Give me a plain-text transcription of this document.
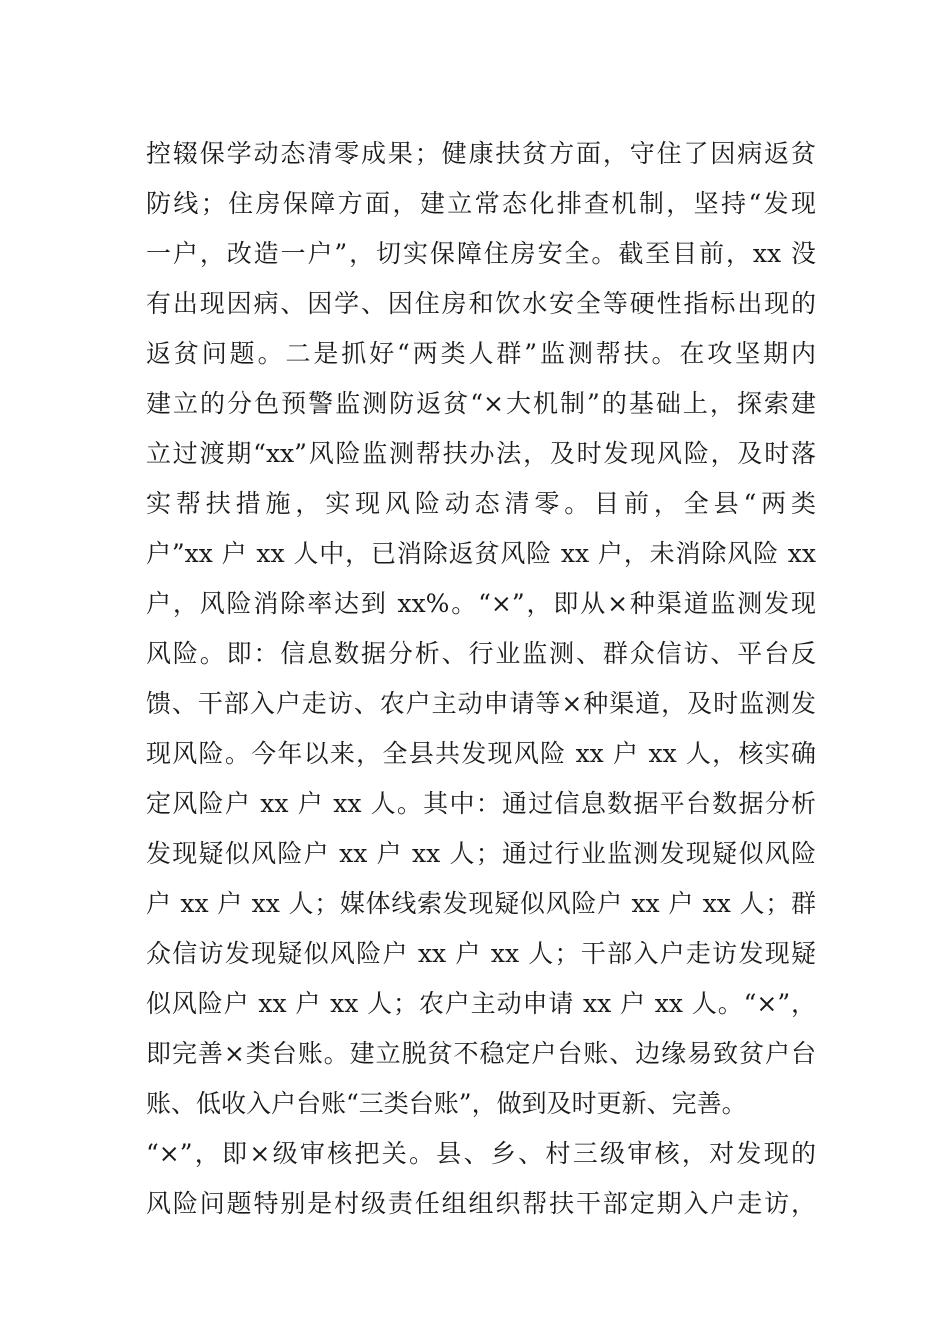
控辍保学动态清零成果；健康扶贫方面，守住了因病返贫
防线；住房保障方面，建立常态化排查机制，坚持“发现
一户，改造一户”，切实保障住房安全。截至目前，xx 没
有出现因病、因学、因住房和饮水安全等硬性指标出现的
返贫问题。二是抓好“两类人群”监测帮扶。在攻坚期内
建立的分色预警监测防返贫“×大机制”的基础上，探索建
立过渡期“xx”风险监测帮扶办法，及时发现风险，及时落
实帮扶措施，实现风险动态清零。目前，全县“两类
户”xx 户 xx 人中，已消除返贫风险 xx 户，未消除风险 xx
户，风险消除率达到 xx%。“×”，即从×种渠道监测发现
风险。即：信息数据分析、行业监测、群众信访、平台反
馈、干部入户走访、农户主动申请等×种渠道，及时监测发
现风险。今年以来，全县共发现风险 xx 户 xx 人，核实确
定风险户 xx 户 xx 人。其中：通过信息数据平台数据分析
发现疑似风险户 xx 户 xx 人；通过行业监测发现疑似风险
户 xx 户 xx 人；媒体线索发现疑似风险户 xx 户 xx 人；群
众信访发现疑似风险户 xx 户 xx 人；干部入户走访发现疑
似风险户 xx 户 xx 人；农户主动申请 xx 户 xx 人。“×”，
即完善×类台账。建立脱贫不稳定户台账、边缘易致贫户台
账、低收入户台账“三类台账”，做到及时更新、完善。
“×”，即×级审核把关。县、乡、村三级审核，对发现的
风险问题特别是村级责任组组织帮扶干部定期入户走访，
